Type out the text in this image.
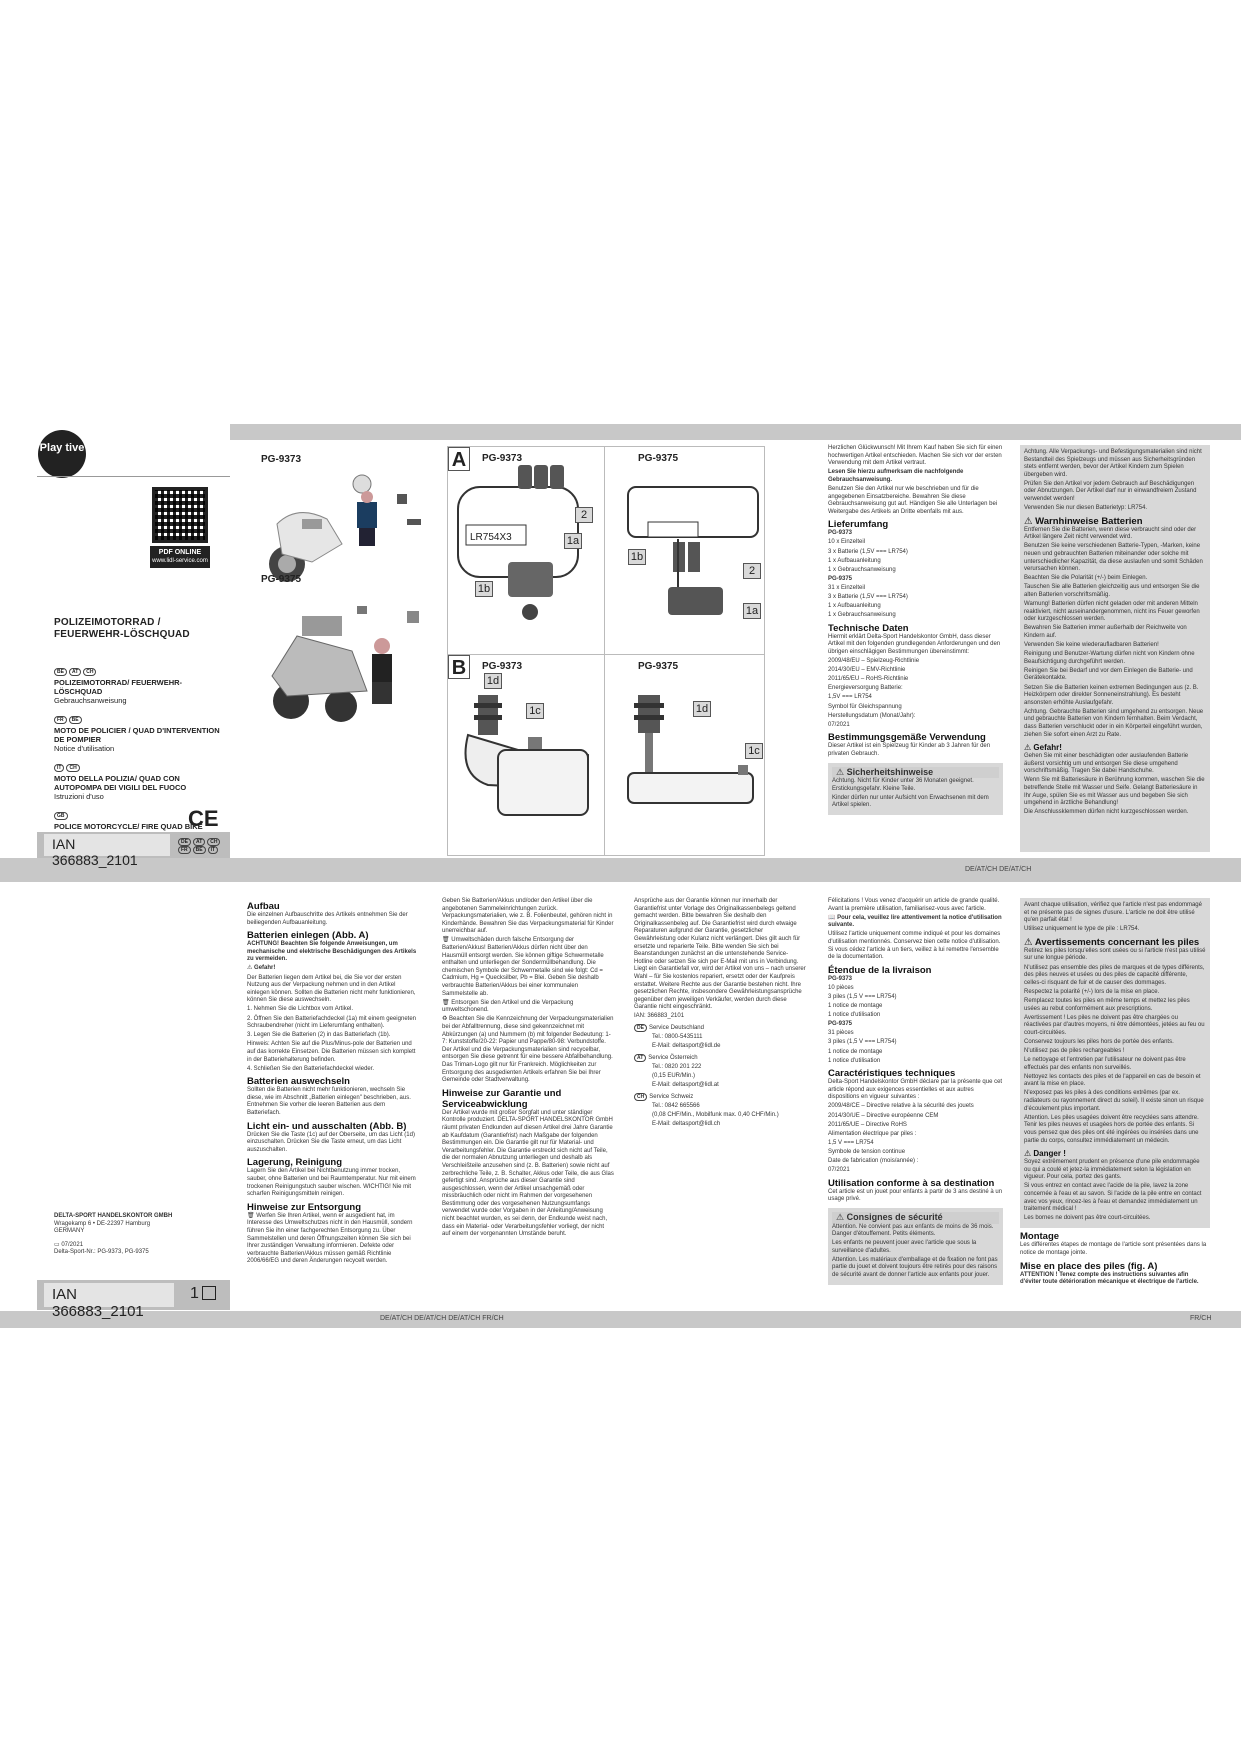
DE/AT/CH DE/AT/CH
Play tive
PDF ONLINE
www.lidl-service.com
POLIZEIMOTORRAD / FEUERWEHR-LÖSCHQUAD
BE AT CH
POLIZEIMOTORRAD/ FEUERWEHR-LÖSCHQUAD
Gebrauchsanweisung
FR BE
MOTO DE POLICIER / QUAD D'INTERVENTION DE POMPIER
Notice d'utilisation
IT CH
MOTO DELLA POLIZIA/ QUAD CON AUTOPOMPA DEI VIGILI DEL FUOCO
Istruzioni d'uso
GB
POLICE MOTORCYCLE/ FIRE QUAD BIKE
CE
IAN 366883_2101
DE AT CH
FR BE IT
PG-9373
PG-9375
A	PG-9373	PG-9375
LR754X3
2
1a
1b
1b
2
1a
B	PG-9373	PG-9375
1d
1c	1d
1c

Herzlichen Glückwunsch! Mit Ihrem Kauf haben Sie sich für einen hochwertigen Artikel entschieden. Machen Sie sich vor der ersten Verwendung mit dem Artikel vertraut.

Lesen Sie hierzu aufmerksam die nachfolgende Gebrauchsanweisung.

Benutzen Sie den Artikel nur wie beschrieben und für die angegebenen Einsatzbereiche. Bewahren Sie diese Gebrauchsanweisung gut auf. Händigen Sie alle Unterlagen bei Weitergabe des Artikels an Dritte ebenfalls mit aus.

Lieferumfang

PG-9373

10 x Einzelteil

3 x Batterie (1,5V === LR754)

1 x Aufbauanleitung

1 x Gebrauchsanweisung

PG-9375

31 x Einzelteil

3 x Batterie (1,5V === LR754)

1 x Aufbauanleitung

1 x Gebrauchsanweisung

Technische Daten

Hiermit erklärt Delta-Sport Handelskontor GmbH, dass dieser Artikel mit den folgenden grundlegenden Anforderungen und den übrigen einschlägigen Bestimmungen übereinstimmt:

2009/48/EU – Spielzeug-Richtlinie

2014/30/EU – EMV-Richtlinie

2011/65/EU – RoHS-Richtlinie

Energieversorgung Batterie:

1,5V === LR754

Symbol für Gleichspannung

Herstellungsdatum (Monat/Jahr):

07/2021

Bestimmungsgemäße Verwendung

Dieser Artikel ist ein Spielzeug für Kinder ab 3 Jahren für den privaten Gebrauch.

⚠ Sicherheitshinweise

Achtung. Nicht für Kinder unter 36 Monaten geeignet. Erstickungsgefahr. Kleine Teile.

Kinder dürfen nur unter Aufsicht von Erwachsenen mit dem Artikel spielen.

Achtung. Alle Verpackungs- und Befestigungsmaterialien sind nicht Bestandteil des Spielzeugs und müssen aus Sicherheitsgründen stets entfernt werden, bevor der Artikel Kindern zum Spielen übergeben wird.

Prüfen Sie den Artikel vor jedem Gebrauch auf Beschädigungen oder Abnutzungen. Der Artikel darf nur in einwandfreiem Zustand verwendet werden!

Verwenden Sie nur diesen Batterietyp: LR754.

⚠ Warnhinweise Batterien

Entfernen Sie die Batterien, wenn diese verbraucht sind oder der Artikel längere Zeit nicht verwendet wird.

Benutzen Sie keine verschiedenen Batterie-Typen, -Marken, keine neuen und gebrauchten Batterien miteinander oder solche mit unterschiedlicher Kapazität, da diese auslaufen und somit Schäden verursachen können.

Beachten Sie die Polarität (+/-) beim Einlegen.

Tauschen Sie alle Batterien gleichzeitig aus und entsorgen Sie die alten Batterien vorschriftsmäßig.

Warnung! Batterien dürfen nicht geladen oder mit anderen Mitteln reaktiviert, nicht auseinandergenommen, nicht ins Feuer geworfen oder kurzgeschlossen werden.

Bewahren Sie Batterien immer außerhalb der Reichweite von Kindern auf.

Verwenden Sie keine wiederaufladbaren Batterien!

Reinigung und Benutzer-Wartung dürfen nicht von Kindern ohne Beaufsichtigung durchgeführt werden.

Reinigen Sie bei Bedarf und vor dem Einlegen die Batterie- und Gerätekontakte.

Setzen Sie die Batterien keinen extremen Bedingungen aus (z. B. Heizkörpern oder direkter Sonneneinstrahlung). Es besteht ansonsten erhöhte Auslaufgefahr.

Achtung. Gebrauchte Batterien sind umgehend zu entsorgen. Neue und gebrauchte Batterien von Kindern fernhalten. Beim Verdacht, dass Batterien verschluckt oder in ein Körperteil eingeführt wurden, ziehen Sie sofort einen Arzt zu Rate.

⚠ Gefahr!

Gehen Sie mit einer beschädigten oder auslaufenden Batterie äußerst vorsichtig um und entsorgen Sie diese umgehend vorschriftsmäßig. Tragen Sie dabei Handschuhe.

Wenn Sie mit Batteriesäure in Berührung kommen, waschen Sie die betreffende Stelle mit Wasser und Seife. Gelangt Batteriesäure in Ihr Auge, spülen Sie es mit Wasser aus und begeben Sie sich umgehend in ärztliche Behandlung!

Die Anschlussklemmen dürfen nicht kurzgeschlossen werden.

DE/AT/CH DE/AT/CH DE/AT/CH FR/CH	FR/CH
Aufbau

Die einzelnen Aufbauschritte des Artikels entnehmen Sie der beiliegenden Aufbauanleitung.

Batterien einlegen (Abb. A)

ACHTUNG! Beachten Sie folgende Anweisungen, um mechanische und elektrische Beschädigungen des Artikels zu vermeiden.

⚠ Gefahr!

Der Batterien liegen dem Artikel bei, die Sie vor der ersten Nutzung aus der Verpackung nehmen und in den Artikel einlegen können. Sollten die Batterien nicht mehr funktionieren, können Sie diese auswechseln.

1. Nehmen Sie die Lichtbox vom Artikel.

2. Öffnen Sie den Batteriefachdeckel (1a) mit einem geeigneten Schraubendreher (nicht im Lieferumfang enthalten).

3. Legen Sie die Batterien (2) in das Batteriefach (1b).

Hinweis: Achten Sie auf die Plus/Minus-pole der Batterien und auf das korrekte Einsetzen. Die Batterien müssen sich komplett in der Batteriehalterung befinden.

4. Schließen Sie den Batteriefachdeckel wieder.

Batterien auswechseln

Sollten die Batterien nicht mehr funktionieren, wechseln Sie diese, wie im Abschnitt „Batterien einlegen" beschrieben, aus. Entnehmen Sie vorher die leeren Batterien aus dem Batteriefach.

Licht ein- und ausschalten (Abb. B)

Drücken Sie die Taste (1c) auf der Oberseite, um das Licht (1d) einzuschalten. Drücken Sie die Taste erneut, um das Licht auszuschalten.

Lagerung, Reinigung

Lagern Sie den Artikel bei Nichtbenutzung immer trocken, sauber, ohne Batterien und bei Raumtemperatur. Nur mit einem trockenen Reinigungstuch sauber wischen. WICHTIG! Nie mit scharfen Reinigungsmitteln reinigen.

Hinweise zur Entsorgung

🗑 Werfen Sie Ihren Artikel, wenn er ausgedient hat, im Interesse des Umweltschutzes nicht in den Hausmüll, sondern führen Sie ihn einer fachgerechten Entsorgung zu. Über Sammelstellen und deren Öffnungszeiten können Sie sich bei Ihrer zuständigen Verwaltung informieren. Defekte oder verbrauchte Batterien/Akkus müssen gemäß Richtlinie 2006/66/EG und deren Änderungen recycelt werden.

DELTA-SPORT HANDELSKONTOR GMBH

Wragekamp 6 • DE-22397 Hamburg

GERMANY

▭ 07/2021

Delta-Sport-Nr.: PG-9373, PG-9375

IAN 366883_2101
1

Geben Sie Batterien/Akkus und/oder den Artikel über die angebotenen Sammeleinrichtungen zurück. Verpackungsmaterialien, wie z. B. Folienbeutel, gehören nicht in Kinderhände. Bewahren Sie das Verpackungsmaterial für Kinder unerreichbar auf.

🗑 Umweltschäden durch falsche Entsorgung der Batterien/Akkus! Batterien/Akkus dürfen nicht über den Hausmüll entsorgt werden. Sie können giftige Schwermetalle enthalten und unterliegen der Sondermüllbehandlung. Die chemischen Symbole der Schwermetalle sind wie folgt: Cd = Cadmium, Hg = Quecksilber, Pb = Blei. Geben Sie deshalb verbrauchte Batterien/Akkus bei einer kommunalen Sammelstelle ab.

🗑 Entsorgen Sie den Artikel und die Verpackung umweltschonend.

♻ Beachten Sie die Kennzeichnung der Verpackungsmaterialien bei der Abfalltrennung, diese sind gekennzeichnet mit Abkürzungen (a) und Nummern (b) mit folgender Bedeutung: 1-7: Kunststoffe/20-22: Papier und Pappe/80-98: Verbundstoffe. Der Artikel und die Verpackungsmaterialien sind recycelbar, entsorgen Sie diese getrennt für eine bessere Abfallbehandlung. Das Triman-Logo gilt nur für Frankreich. Möglichkeiten zur Entsorgung des ausgedienten Artikels erfahren Sie bei Ihrer Gemeinde oder Stadtverwaltung.

Hinweise zur Garantie und Serviceabwicklung

Der Artikel wurde mit großer Sorgfalt und unter ständiger Kontrolle produziert. DELTA-SPORT HANDELSKONTOR GmbH räumt privaten Endkunden auf diesen Artikel drei Jahre Garantie ab Kaufdatum (Garantiefrist) nach Maßgabe der folgenden Bestimmungen ein. Die Garantie gilt nur für Material- und Verarbeitungsfehler. Die Garantie erstreckt sich nicht auf Teile, die der normalen Abnutzung unterliegen und deshalb als Verschleißteile anzusehen sind (z. B. Batterien) sowie nicht auf zerbrechliche Teile, z. B. Schalter, Akkus oder Teile, die aus Glas gefertigt sind. Ansprüche aus dieser Garantie sind ausgeschlossen, wenn der Artikel unsachgemäß oder missbräuchlich oder nicht im Rahmen der vorgesehenen Bestimmung oder des vorgesehenen Nutzungsumfangs verwendet wurde oder Vorgaben in der Anleitung/Anweisung nicht beachtet wurden, es sei denn, der Endkunde weist nach, dass ein Material- oder Verarbeitungsfehler vorliegt, der nicht auf einem der vorgenannten Umstände beruht.

Ansprüche aus der Garantie können nur innerhalb der Garantiefrist unter Vorlage des Originalkassenbelegs geltend gemacht werden. Bitte bewahren Sie deshalb den Originalkassenbeleg auf. Die Garantiefrist wird durch etwaige Reparaturen aufgrund der Garantie, gesetzlicher Gewährleistung oder Kulanz nicht verlängert. Dies gilt auch für ersetzte und reparierte Teile. Bitte wenden Sie sich bei Beanstandungen zunächst an die untenstehende Service-Hotline oder setzen Sie sich per E-Mail mit uns in Verbindung. Liegt ein Garantiefall vor, wird der Artikel von uns – nach unserer Wahl – für Sie kostenlos repariert, ersetzt oder der Kaufpreis erstattet. Weitere Rechte aus der Garantie bestehen nicht. Ihre gesetzlichen Rechte, insbesondere Gewährleistungsansprüche gegenüber dem jeweiligen Verkäufer, werden durch diese Garantie nicht eingeschränkt.

IAN: 366883_2101

DE Service Deutschland

Tel.: 0800-5435111

E-Mail: deltasport@lidl.de

AT Service Österreich

Tel.: 0820 201 222

(0,15 EUR/Min.)

E-Mail: deltasport@lidl.at

CH Service Schweiz

Tel.: 0842 665566

(0,08 CHF/Min., Mobilfunk max. 0,40 CHF/Min.)

E-Mail: deltasport@lidl.ch

Félicitations ! Vous venez d'acquérir un article de grande qualité. Avant la première utilisation, familiarisez-vous avec l'article.

📖 Pour cela, veuillez lire attentivement la notice d'utilisation suivante.

Utilisez l'article uniquement comme indiqué et pour les domaines d'utilisation mentionnés. Conservez bien cette notice d'utilisation. Si vous cédez l'article à un tiers, veillez à lui remettre l'ensemble de la documentation.

Étendue de la livraison

PG-9373

10 pièces

3 piles (1,5 V === LR754)

1 notice de montage

1 notice d'utilisation

PG-9375

31 pièces

3 piles (1,5 V === LR754)

1 notice de montage

1 notice d'utilisation

Caractéristiques techniques

Delta-Sport Handelskontor GmbH déclare par la présente que cet article répond aux exigences essentielles et aux autres dispositions en vigueur suivantes :

2009/48/CE – Directive relative à la sécurité des jouets

2014/30/UE – Directive européenne CEM

2011/65/UE – Directive RoHS

Alimentation électrique par piles :

1,5 V === LR754

Symbole de tension continue

Date de fabrication (mois/année) :

07/2021

Utilisation conforme à sa destination

Cet article est un jouet pour enfants à partir de 3 ans destiné à un usage privé.

⚠ Consignes de sécurité

Attention. Ne convient pas aux enfants de moins de 36 mois. Danger d'étouffement. Petits éléments.

Les enfants ne peuvent jouer avec l'article que sous la surveillance d'adultes.

Attention. Les matériaux d'emballage et de fixation ne font pas partie du jouet et doivent toujours être retirés pour des raisons de sécurité avant de donner l'article aux enfants pour jouer.

Avant chaque utilisation, vérifiez que l'article n'est pas endommagé et ne présente pas de signes d'usure. L'article ne doit être utilisé qu'en parfait état !

Utilisez uniquement le type de pile : LR754.

⚠ Avertissements concernant les piles

Retirez les piles lorsqu'elles sont usées ou si l'article n'est pas utilisé sur une longue période.

N'utilisez pas ensemble des piles de marques et de types différents, des piles neuves et usées ou des piles de capacité différente, celles-ci risquant de fuir et de causer des dommages.

Respectez la polarité (+/-) lors de la mise en place.

Remplacez toutes les piles en même temps et mettez les piles usées au rebut conformément aux prescriptions.

Avertissement ! Les piles ne doivent pas être chargées ou réactivées par d'autres moyens, ni être démontées, jetées au feu ou court-circuitées.

Conservez toujours les piles hors de portée des enfants.

N'utilisez pas de piles rechargeables !

Le nettoyage et l'entretien par l'utilisateur ne doivent pas être effectués par des enfants non surveillés.

Nettoyez les contacts des piles et de l'appareil en cas de besoin et avant la mise en place.

N'exposez pas les piles à des conditions extrêmes (par ex. radiateurs ou rayonnement direct du soleil). Il existe sinon un risque d'écoulement plus important.

Attention. Les piles usagées doivent être recyclées sans attendre. Tenir les piles neuves et usagées hors de portée des enfants. Si vous pensez que des piles ont été ingérées ou insérées dans une partie du corps, consultez immédiatement un médecin.

⚠ Danger !

Soyez extrêmement prudent en présence d'une pile endommagée ou qui a coulé et jetez-la immédiatement selon la législation en vigueur. Pour cela, portez des gants.

Si vous entrez en contact avec l'acide de la pile, lavez la zone concernée à l'eau et au savon. Si l'acide de la pile entre en contact avec vos yeux, rincez-les à l'eau et demandez immédiatement un traitement médical !

Les bornes ne doivent pas être court-circuitées.

Montage

Les différentes étapes de montage de l'article sont présentées dans la notice de montage jointe.

Mise en place des piles (fig. A)

ATTENTION ! Tenez compte des instructions suivantes afin d'éviter toute détérioration mécanique et électrique de l'article.
